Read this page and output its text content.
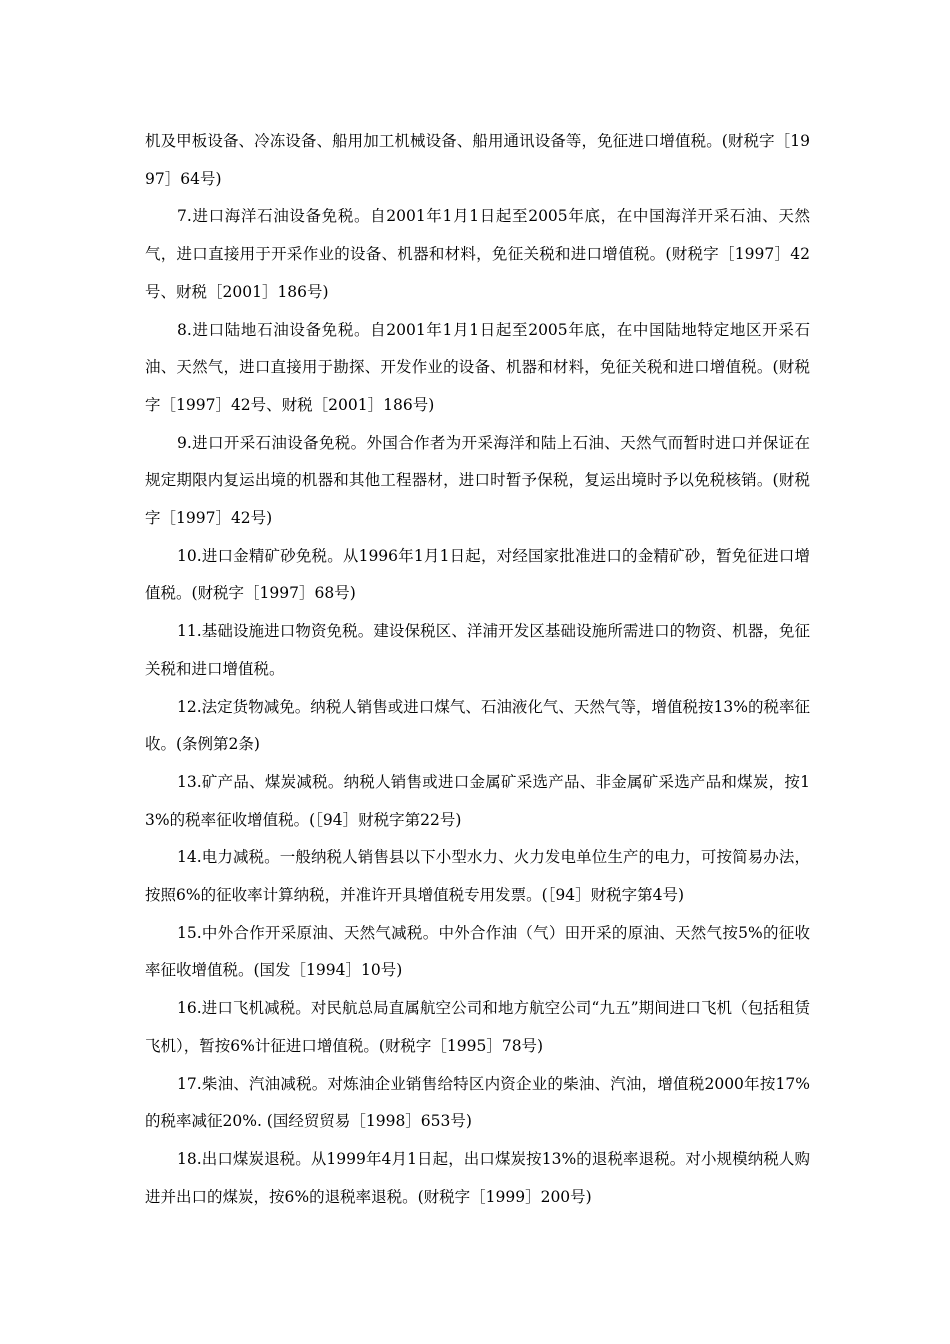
机及甲板设备、冷冻设备、船用加工机械设备、船用通讯设备等，免征进口增值税。(财税字［1997］64号)

7.进口海洋石油设备免税。自2001年1月1日起至2005年底，在中国海洋开采石油、天然气，进口直接用于开采作业的设备、机器和材料，免征关税和进口增值税。(财税字［1997］42号、财税［2001］186号)

8.进口陆地石油设备免税。自2001年1月1日起至2005年底，在中国陆地特定地区开采石油、天然气，进口直接用于勘探、开发作业的设备、机器和材料，免征关税和进口增值税。(财税字［1997］42号、财税［2001］186号)

9.进口开采石油设备免税。外国合作者为开采海洋和陆上石油、天然气而暂时进口并保证在规定期限内复运出境的机器和其他工程器材，进口时暂予保税，复运出境时予以免税核销。(财税字［1997］42号)

10.进口金精矿砂免税。从1996年1月1日起，对经国家批准进口的金精矿砂，暂免征进口增值税。(财税字［1997］68号)

11.基础设施进口物资免税。建设保税区、洋浦开发区基础设施所需进口的物资、机器，免征关税和进口增值税。

12.法定货物减免。纳税人销售或进口煤气、石油液化气、天然气等，增值税按13%的税率征收。(条例第2条)

13.矿产品、煤炭减税。纳税人销售或进口金属矿采选产品、非金属矿采选产品和煤炭，按13%的税率征收增值税。(［94］财税字第22号)

14.电力减税。一般纳税人销售县以下小型水力、火力发电单位生产的电力，可按简易办法，按照6%的征收率计算纳税，并准许开具增值税专用发票。(［94］财税字第4号)

15.中外合作开采原油、天然气减税。中外合作油（气）田开采的原油、天然气按5%的征收率征收增值税。(国发［1994］10号)

16.进口飞机减税。对民航总局直属航空公司和地方航空公司“九五”期间进口飞机（包括租赁飞机），暂按6%计征进口增值税。(财税字［1995］78号)

17.柴油、汽油减税。对炼油企业销售给特区内资企业的柴油、汽油，增值税2000年按17%的税率减征20%. (国经贸贸易［1998］653号)

18.出口煤炭退税。从1999年4月1日起，出口煤炭按13%的退税率退税。对小规模纳税人购进并出口的煤炭，按6%的退税率退税。(财税字［1999］200号)
